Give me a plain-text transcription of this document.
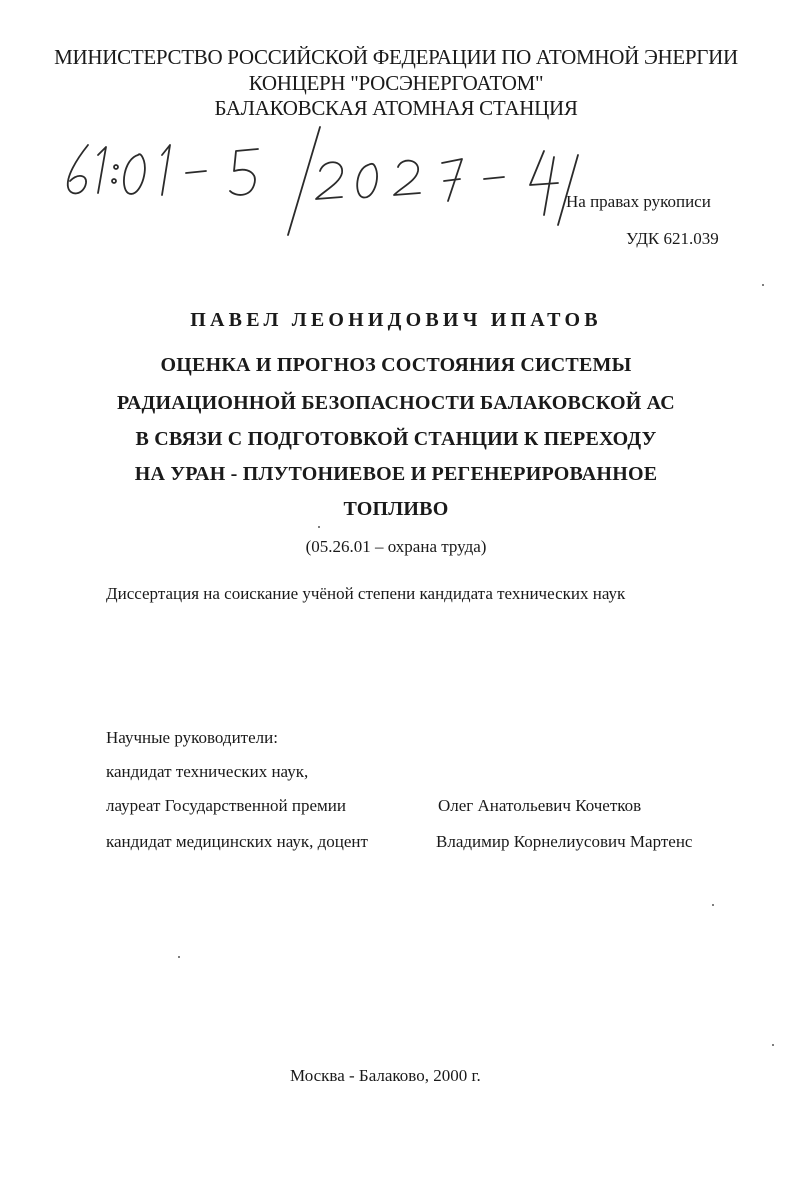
МИНИСТЕРСТВО РОССИЙСКОЙ ФЕДЕРАЦИИ ПО АТОМНОЙ ЭНЕРГИИ
КОНЦЕРН "РОСЭНЕРГОАТОМ"
БАЛАКОВСКАЯ АТОМНАЯ СТАНЦИЯ
На правах рукописи
УДК 621.039
ПАВЕЛ ЛЕОНИДОВИЧ ИПАТОВ
ОЦЕНКА И ПРОГНОЗ СОСТОЯНИЯ СИСТЕМЫ
РАДИАЦИОННОЙ БЕЗОПАСНОСТИ БАЛАКОВСКОЙ АС
В СВЯЗИ С ПОДГОТОВКОЙ СТАНЦИИ К ПЕРЕХОДУ
НА УРАН - ПЛУТОНИЕВОЕ И РЕГЕНЕРИРОВАННОЕ
ТОПЛИВО
(05.26.01 – охрана труда)
Диссертация на соискание учёной степени кандидата технических наук
Научные руководители:
кандидат технических наук,
лауреат Государственной премии	Олег Анатольевич Кочетков
кандидат медицинских наук, доцент	Владимир Корнелиусович Мартенс
Москва - Балаково, 2000 г.
